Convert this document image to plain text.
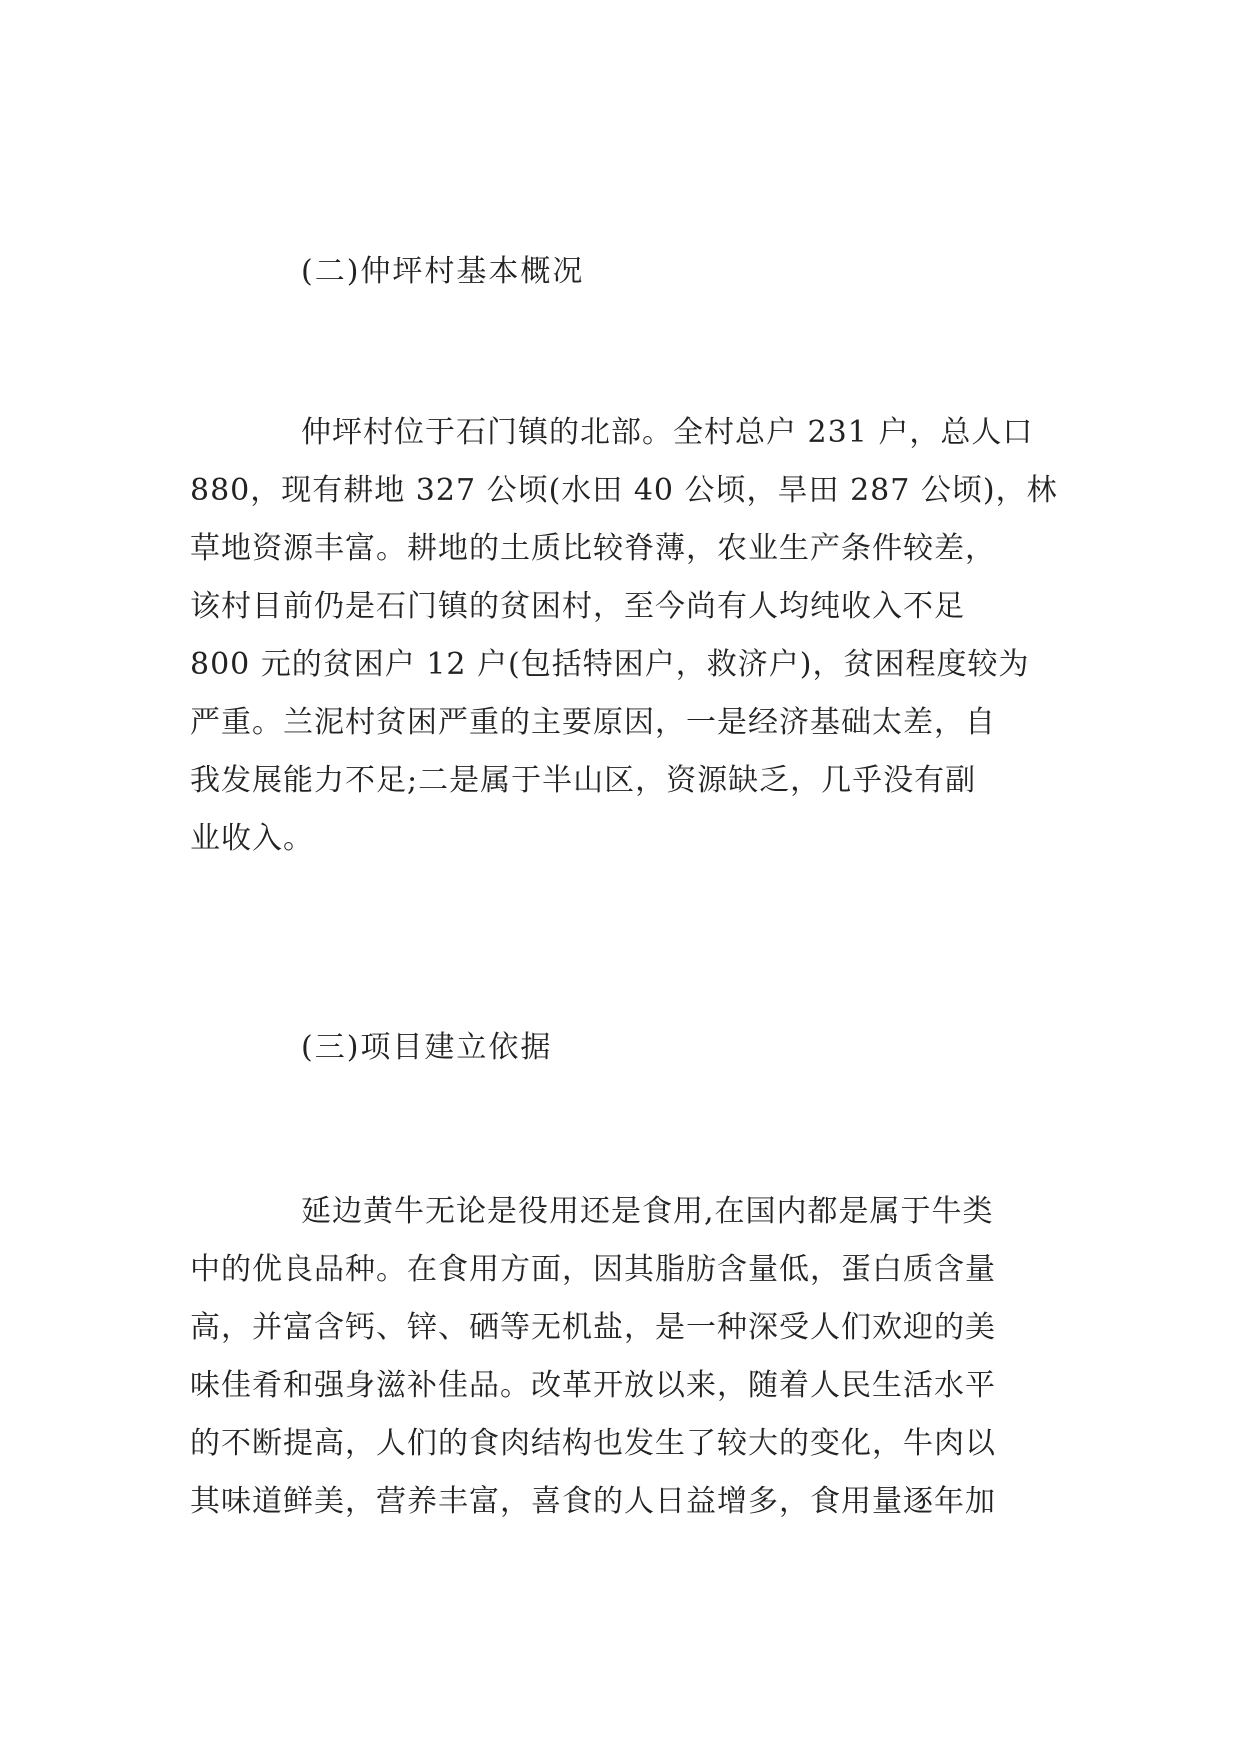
(二)仲坪村基本概况
仲坪村位于石门镇的北部。全村总户 231 户，总人口
880，现有耕地 327 公顷(水田 40 公顷，旱田 287 公顷)，林
草地资源丰富。耕地的土质比较脊薄，农业生产条件较差，
该村目前仍是石门镇的贫困村，至今尚有人均纯收入不足
800 元的贫困户 12 户(包括特困户，救济户)，贫困程度较为
严重。兰泥村贫困严重的主要原因，一是经济基础太差，自
我发展能力不足;二是属于半山区，资源缺乏，几乎没有副
业收入。
(三)项目建立依据
延边黄牛无论是役用还是食用,在国内都是属于牛类
中的优良品种。在食用方面，因其脂肪含量低，蛋白质含量
高，并富含钙、锌、硒等无机盐，是一种深受人们欢迎的美
味佳肴和强身滋补佳品。改革开放以来，随着人民生活水平
的不断提高，人们的食肉结构也发生了较大的变化，牛肉以
其味道鲜美，营养丰富，喜食的人日益增多，食用量逐年加
